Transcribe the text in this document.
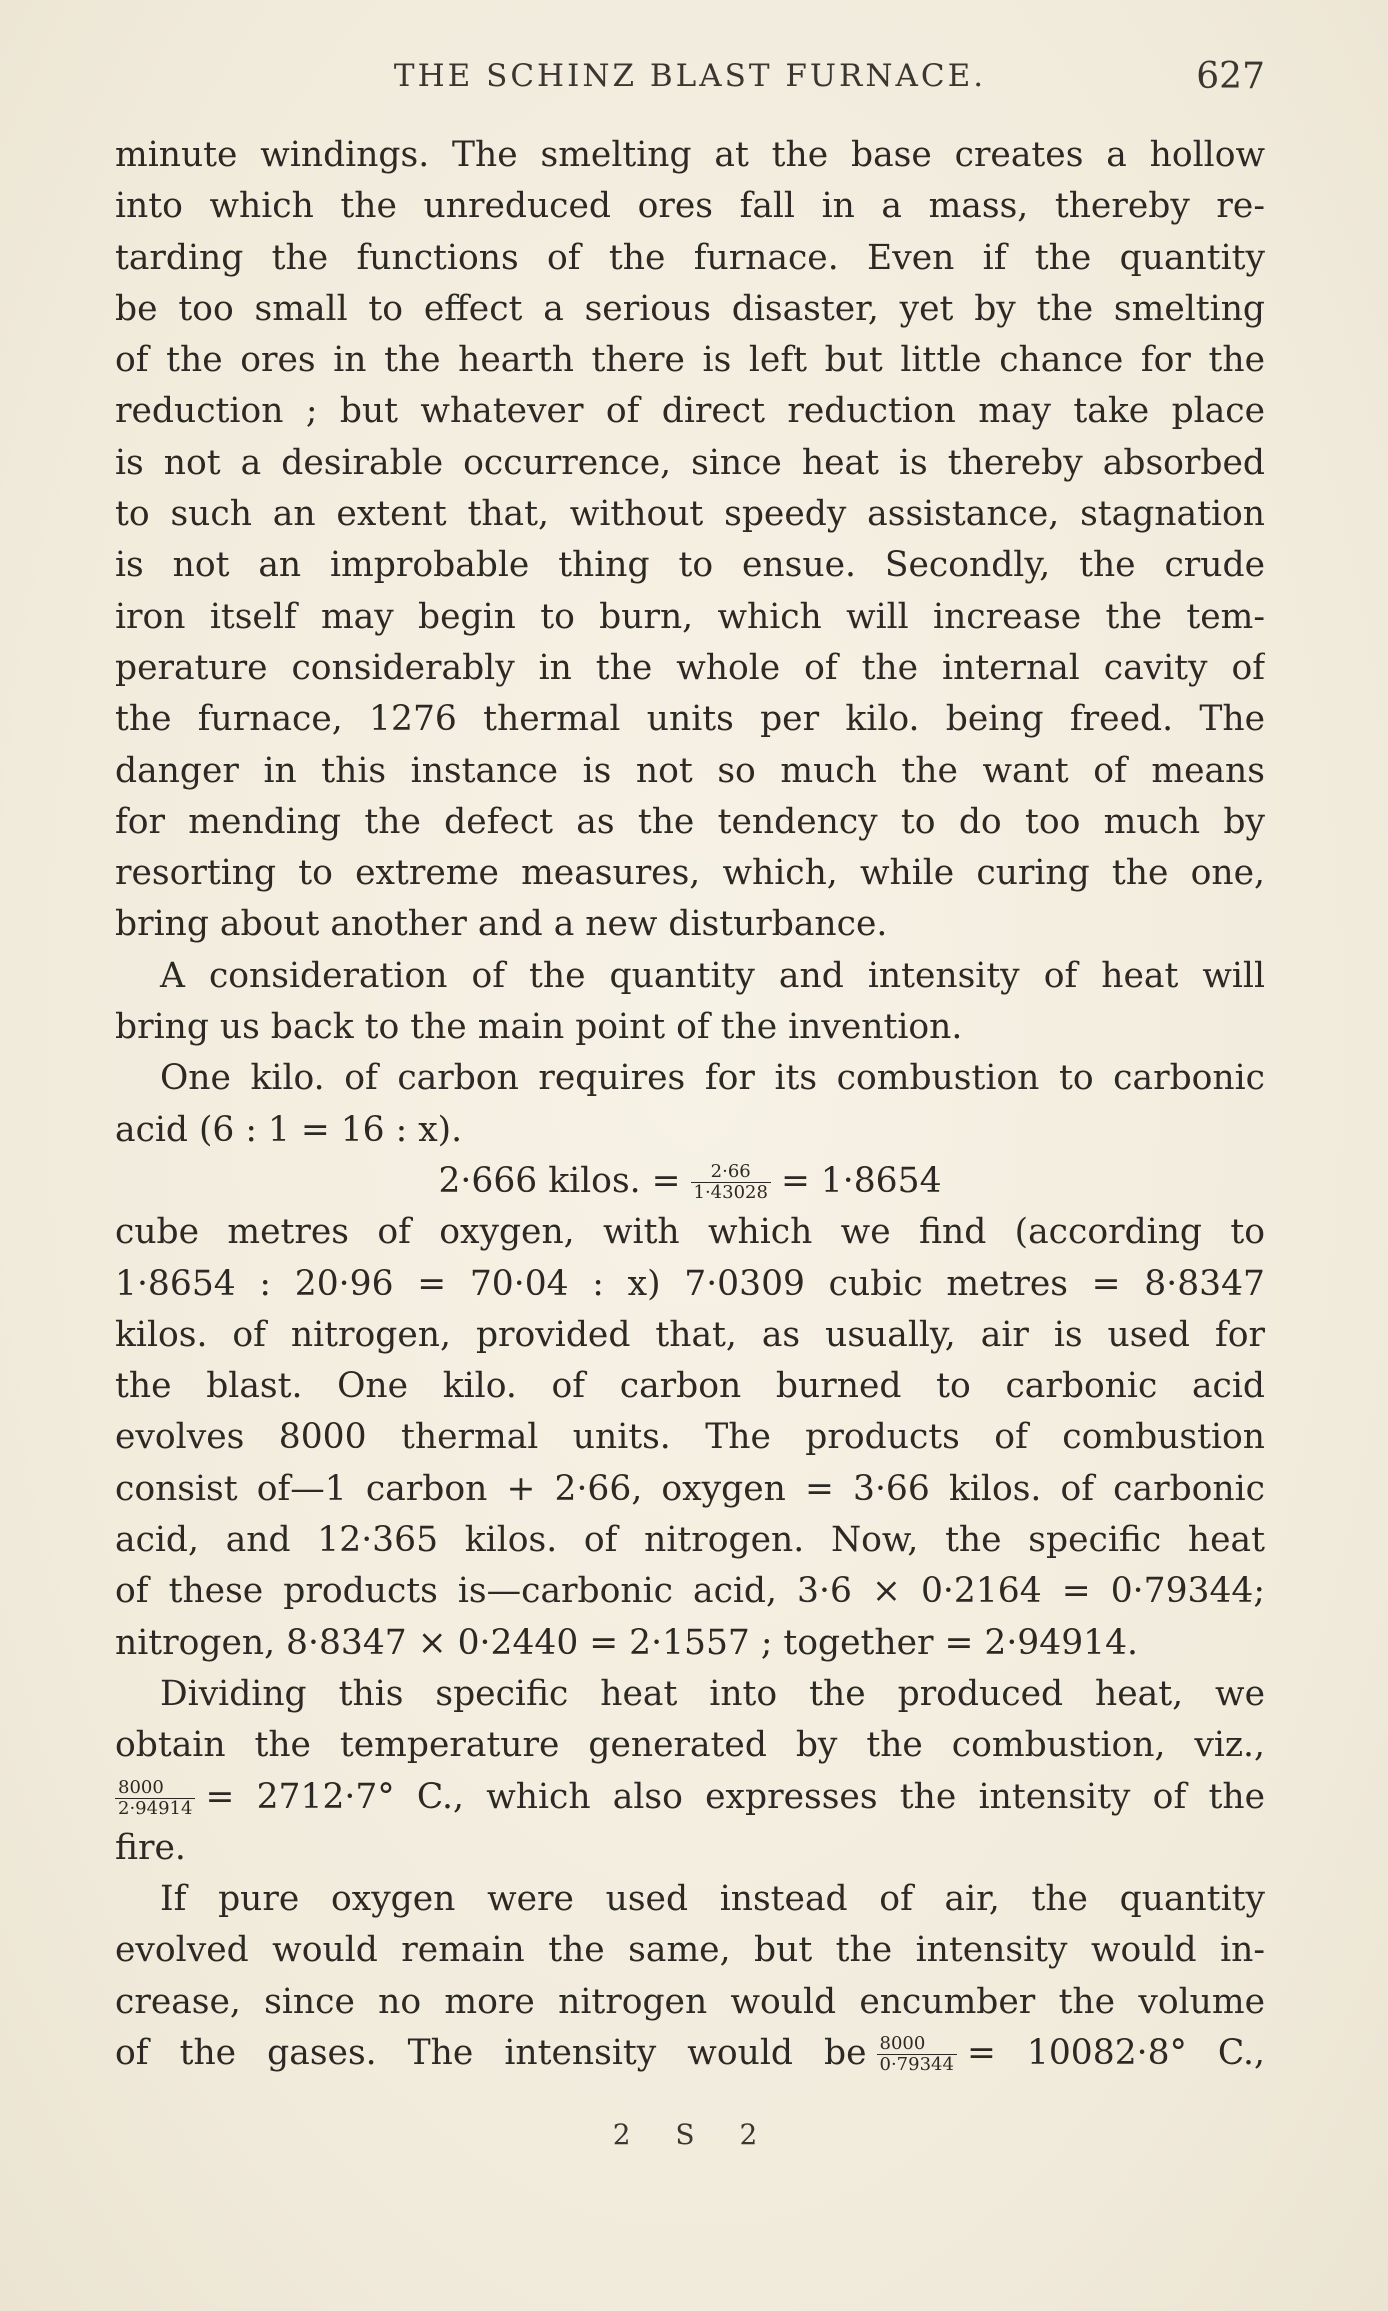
THE SCHINZ BLAST FURNACE.	627
minute windings. The smelting at the base creates a hollow
into which the unreduced ores fall in a mass, thereby re-
tarding the functions of the furnace. Even if the quantity
be too small to effect a serious disaster, yet by the smelting
of the ores in the hearth there is left but little chance for the
reduction ; but whatever of direct reduction may take place
is not a desirable occurrence, since heat is thereby absorbed
to such an extent that, without speedy assistance, stagnation
is not an improbable thing to ensue. Secondly, the crude
iron itself may begin to burn, which will increase the tem-
perature considerably in the whole of the internal cavity of
the furnace, 1276 thermal units per kilo. being freed. The
danger in this instance is not so much the want of means
for mending the defect as the tendency to do too much by
resorting to extreme measures, which, while curing the one,
bring about another and a new disturbance.
A consideration of the quantity and intensity of heat will
bring us back to the main point of the invention.
One kilo. of carbon requires for its combustion to carbonic
acid (6 : 1 = 16 : x).
2·666 kilos. = $\frac{2\cdot 66}{1\cdot 43028} = 1\cdot 8654$
cube metres of oxygen, with which we find (according to
1·8654 : 20·96 = 70·04 : x) 7·0309 cubic metres = 8·8347
kilos. of nitrogen, provided that, as usually, air is used for
the blast. One kilo. of carbon burned to carbonic acid
evolves 8000 thermal units. The products of combustion
consist of—1 carbon + 2·66, oxygen = 3·66 kilos. of carbonic
acid, and 12·365 kilos. of nitrogen. Now, the specific heat
of these products is—carbonic acid, 3·6 × 0·2164 = 0·79344;
nitrogen, 8·8347 × 0·2440 = 2·1557 ; together = 2·94914.
Dividing this specific heat into the produced heat, we
obtain the temperature generated by the combustion, viz.,
$\frac{8000}{2\cdot 94914} = 2712\cdot 7^\circ$ C., which also expresses the intensity of the
fire.
If pure oxygen were used instead of air, the quantity
evolved would remain the same, but the intensity would in-
crease, since no more nitrogen would encumber the volume
of the gases. The intensity would be $\frac{8000}{0\cdot 79344} = 10082\cdot 8^\circ$ C.,
2 S 2
